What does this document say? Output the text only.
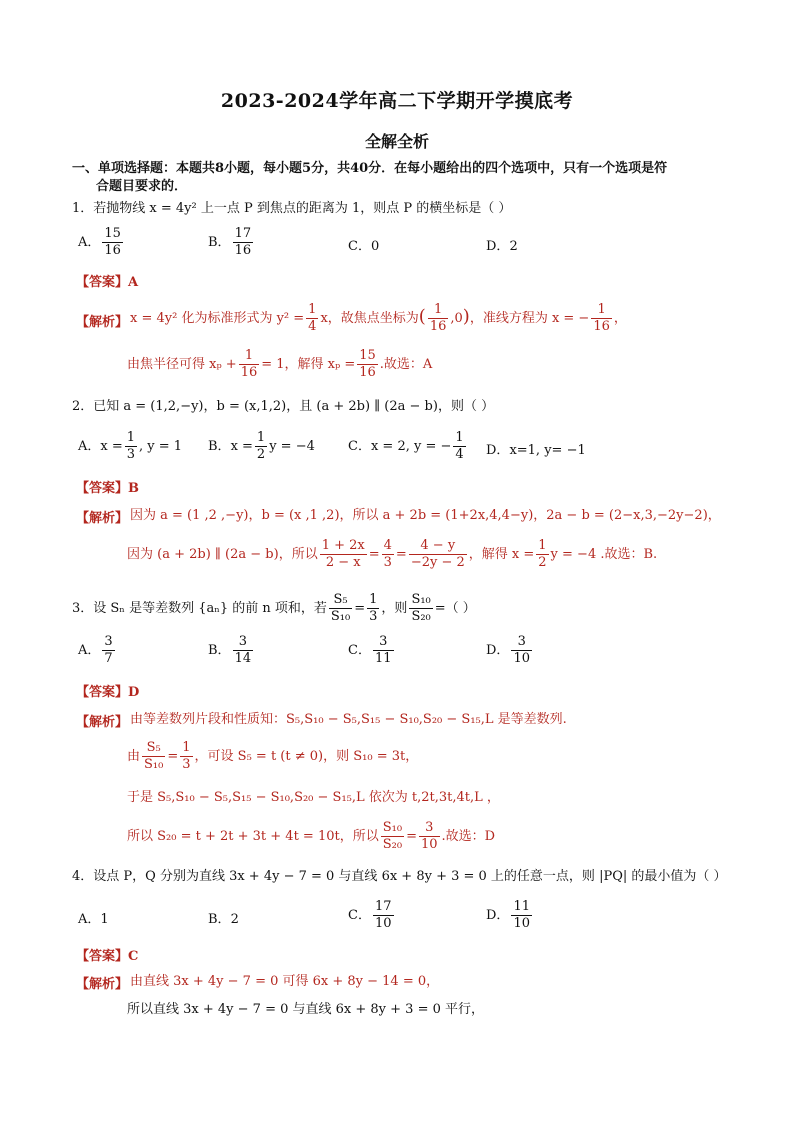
2023-2024学年高二下学期开学摸底考
全解全析
一、单项选择题：本题共8小题，每小题5分，共40分．在每小题给出的四个选项中，只有一个选项是符
合题目要求的．
1．若抛物线 x = 4y² 上一点 P 到焦点的距离为 1，则点 P 的横坐标是（ ）
A． $\frac{15}{16}$	B． $\frac{17}{16}$	C．0	D．2
【答案】A
【解析】 x = 4y² 化为标准形式为 $y^2 = \frac{1}{4}$ x，故焦点坐标为( $\frac{1}{16} ,0$)，准线方程为 x = − $\frac{1}{16}$ ，
由焦半径可得 $x_p + \frac{1}{16} = 1$，解得 $x_p = \frac{15}{16}$ .故选：A
2．已知 a = (1,2,−y)，b = (x,1,2)，且 (a + 2b) ∥ (2a − b)，则（ ）
A．$x = \frac{1}{3}$ , y = 1 B．$x = \frac{1}{2}$ y = −4	C．x = 2, y = − $\frac{1}{4}$ D．x=1, y= −1
【答案】B
【解析】 因为 a = (1 ,2 ,−y)，b = (x ,1 ,2)，所以 a + 2b = (1+2x,4,4−y)，2a − b = (2−x,3,−2y−2)，
因为 (a + 2b) ∥ (2a − b)，所以 $\frac{1 + 2x}{2 - x} = \frac{4}{3} = \frac{4 - y}{-2y - 2}$ ，解得 $x = \frac{1}{2}$ y = −4 .故选：B.
3．设 Sₙ 是等差数列 {aₙ} 的前 n 项和，若 $\frac{\text{S₅}}{\text{S₁₀}} = \frac{1}{3}$ ，则 $\frac{\text{S₁₀}}{\text{S₂₀}}$ =（ ）
A． $\frac{3}{7}$	B． $\frac{3}{14}$	C． $\frac{3}{11}$	D． $\frac{3}{10}$
【答案】D
【解析】 由等差数列片段和性质知：S₅,S₁₀ − S₅,S₁₅ − S₁₀,S₂₀ − S₁₅,L 是等差数列.
由 $\frac{\text{S₅}}{\text{S₁₀}} = \frac{1}{3}$ ，可设 S₅ = t (t ≠ 0)，则 S₁₀ = 3t，
于是 S₅,S₁₀ − S₅,S₁₅ − S₁₀,S₂₀ − S₁₅,L 依次为 t,2t,3t,4t,L ，
所以 S₂₀ = t + 2t + 3t + 4t = 10t，所以 $\frac{\text{S₁₀}}{\text{S₂₀}} = \frac{3}{10}$ .故选：D
4．设点 P，Q 分别为直线 3x + 4y − 7 = 0 与直线 6x + 8y + 3 = 0 上的任意一点，则 |PQ| 的最小值为（ ）
A．1	B．2	C． $\frac{17}{10}$	D． $\frac{11}{10}$
【答案】C
【解析】 由直线 3x + 4y − 7 = 0 可得 6x + 8y − 14 = 0，
所以直线 3x + 4y − 7 = 0 与直线 6x + 8y + 3 = 0 平行，
